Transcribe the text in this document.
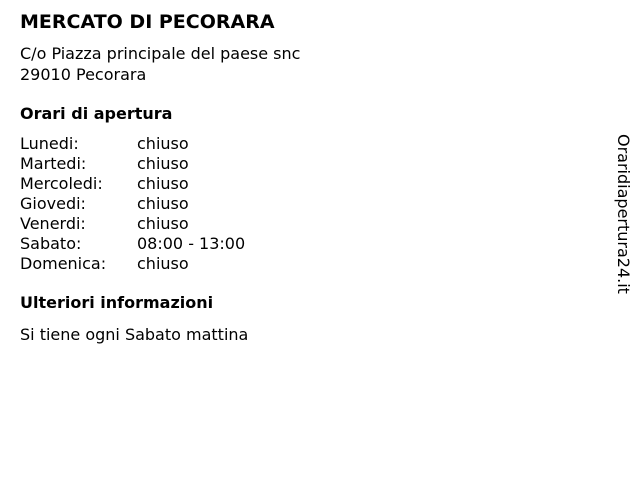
MERCATO DI PECORARA
C/o Piazza principale del paese snc
29010 Pecorara
Orari di apertura
Lunedi:	chiuso
Martedi:	chiuso
Mercoledi:	chiuso
Giovedi:	chiuso
Venerdi:	chiuso
Sabato:	08:00 - 13:00
Domenica:	chiuso
Ulteriori informazioni
Si tiene ogni Sabato mattina
Oraridiapertura24.it
